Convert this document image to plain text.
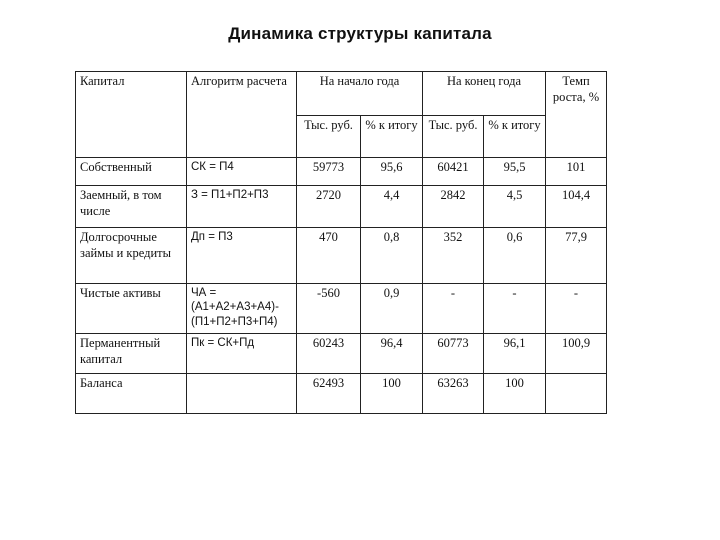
Динамика структуры капитала
Капитал	Алгоритм расчета	На начало года		На конец года		Темп роста, %
		Тыс. руб.	% к итогу	Тыс. руб.	% к итогу	
Собственный	СК = П4	59773	95,6	60421	95,5	101
Заемный, в том числе	З = П1+П2+П3	2720	4,4	2842	4,5	104,4
Долгосрочные займы и кредиты	Дп = П3	470	0,8	352	0,6	77,9
Чистые активы	ЧА = (А1+А2+А3+А4)-(П1+П2+П3+П4)	-560	0,9	-	-	-
Перманентный капитал	Пк = СК+Пд	60243	96,4	60773	96,1	100,9
Баланса		62493	100	63263	100	
